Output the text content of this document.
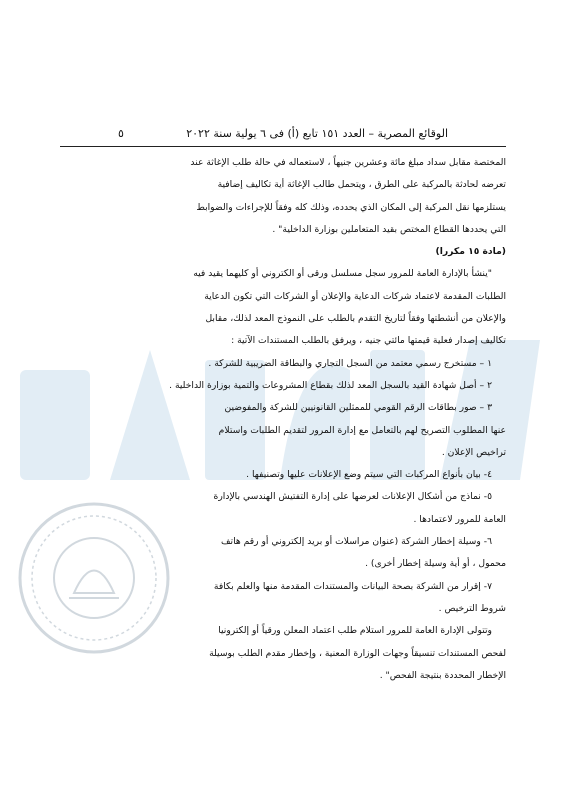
الوقائع المصرية – العدد ١٥١ تابع (أ) فى ٦ يولية سنة ٢٠٢٢
٥
المختصة مقابل سداد مبلغ مائة وعشرين جنيهاً ، لاستعماله في حالة طلب الإغاثة عند
تعرضه لحادثة بالمركبة على الطرق ، ويتحمل طالب الإغاثة أية تكاليف إضافية
يستلزمها نقل المركبة إلى المكان الذي يحدده، وذلك كله وفقاً للإجراءات والضوابط
التي يحددها القطاع المختص بقيد المتعاملين بوزارة الداخلية" .
(مادة ١٥ مكررا)
"ينشأ بالإدارة العامة للمرور سجل مسلسل ورقى أو الكتروني أو كليهما يقيد فيه
الطلبات المقدمة لاعتماد شركات الدعاية والإعلان أو الشركات التي تكون الدعاية
والإعلان من أنشطتها وفقاً لتاريخ التقدم بالطلب على النموذج المعد لذلك، مقابل
تكاليف إصدار فعلية قيمتها مائتي جنيه ، ويرفق بالطلب المستندات الآتية :
١ – مستخرج رسمي معتمد من السجل التجاري والبطاقة الضريبية للشركة .
٢ – أصل شهادة القيد بالسجل المعد لذلك بقطاع المشروعات والتمية بوزارة الداخلية .
٣ – صور بطاقات الرقم القومي للممثلين القانونيين للشركة والمفوضين
عنها المطلوب التصريح لهم بالتعامل مع إدارة المرور لتقديم الطلبات واستلام
تراخيص الإعلان .
٤- بيان بأنواع المركبات التي سيتم وضع الإعلانات عليها وتصنيفها .
٥- نماذج من أشكال الإعلانات لعرضها على إدارة التفتيش الهندسي بالإدارة
العامة للمرور لاعتمادها .
٦- وسيلة إخطار الشركة (عنوان مراسلات أو بريد إلكتروني أو رقم هاتف
محمول ، أو أية وسيلة إخطار أخرى) .
٧- إقرار من الشركة بصحة البيانات والمستندات المقدمة منها والعلم بكافة
شروط الترخيص .
وتتولى الإدارة العامة للمرور استلام طلب اعتماد المعلن ورقياً أو إلكترونيا
لفحص المستندات تنسيقاً وجهات الوزارة المعنية ، وإخطار مقدم الطلب بوسيلة
الإخطار المحددة بنتيجة الفحص" .
